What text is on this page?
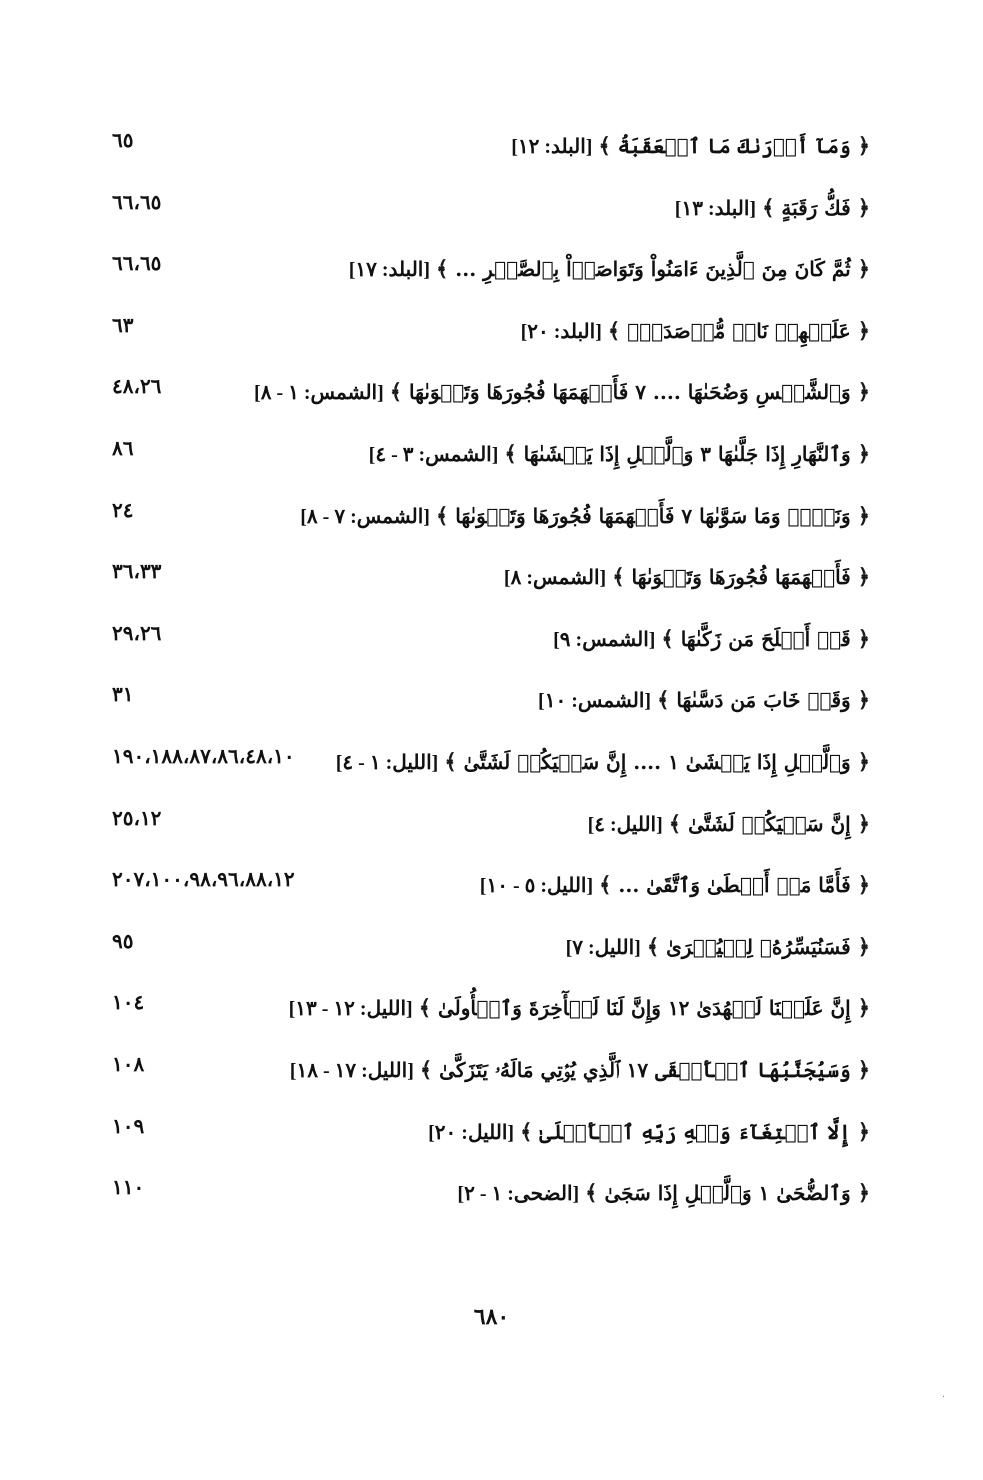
﴿ وَمَآ أَدۡرَىٰكَ مَا ٱلۡعَقَبَةُ ﴾[البلد: ١٢]
٦٥
﴿ فَكُّ رَقَبَةٍ ﴾[البلد: ١٣]
٦٦،٦٥
﴿ ثُمَّ كَانَ مِنَ ٱلَّذِينَ ءَامَنُواْ وَتَوَاصَوۡاْ بِٱلصَّبۡرِ ... ﴾[البلد: ١٧]
٦٦،٦٥
﴿ عَلَيۡهِمۡ نَارٞ مُّؤۡصَدَةُۢ ﴾[البلد: ٢٠]
٦٣
﴿ وَٱلشَّمۡسِ وَضُحَىٰهَا .... ٧ فَأَلۡهَمَهَا فُجُورَهَا وَتَقۡوَىٰهَا ﴾[الشمس: ١ - ٨]
٤٨،٢٦
﴿ وَٱلنَّهَارِ إِذَا جَلَّىٰهَا ٣ وَٱلَّيۡلِ إِذَا يَغۡشَىٰهَا ﴾[الشمس: ٣ - ٤]
٨٦
﴿ وَنَفۡسٖ وَمَا سَوَّىٰهَا ٧ فَأَلۡهَمَهَا فُجُورَهَا وَتَقۡوَىٰهَا ﴾[الشمس: ٧ - ٨]
٢٤
﴿ فَأَلۡهَمَهَا فُجُورَهَا وَتَقۡوَىٰهَا ﴾[الشمس: ٨]
٣٦،٣٣
﴿ قَدۡ أَفۡلَحَ مَن زَكَّىٰهَا ﴾[الشمس: ٩]
٢٩،٢٦
﴿ وَقَدۡ خَابَ مَن دَسَّىٰهَا ﴾[الشمس: ١٠]
٣١
﴿ وَٱلَّيۡلِ إِذَا يَغۡشَىٰ ١ .... إِنَّ سَعۡيَكُمۡ لَشَتَّىٰ ﴾[الليل: ١ - ٤]
١٩٠،١٨٨،٨٧،٨٦،٤٨،١٠
﴿ إِنَّ سَعۡيَكُمۡ لَشَتَّىٰ ﴾[الليل: ٤]
٢٥،١٢
﴿ فَأَمَّا مَنۡ أَعۡطَىٰ وَٱتَّقَىٰ ... ﴾[الليل: ٥ - ١٠]
٢٠٧،١٠٠،٩٨،٩٦،٨٨،١٢
﴿ فَسَنُيَسِّرُهُۥ لِلۡيُسۡرَىٰ ﴾[الليل: ٧]
٩٥
﴿ إِنَّ عَلَيۡنَا لَلۡهُدَىٰ ١٢ وَإِنَّ لَنَا لَلۡأٓخِرَةَ وَٱلۡأُولَىٰ ﴾[الليل: ١٢ - ١٣]
١٠٤
﴿ وَسَيُجَنَّبُهَا ٱلۡأَتۡقَى ١٧ ٱلَّذِي يُؤۡتِي مَالَهُۥ يَتَزَكَّىٰ ﴾[الليل: ١٧ - ١٨]
١٠٨
﴿ إِلَّا ٱبۡتِغَآءَ وَجۡهِ رَبِّهِ ٱلۡأَعۡلَىٰ ﴾[الليل: ٢٠]
١٠٩
﴿ وَٱلضُّحَىٰ ١ وَٱلَّيۡلِ إِذَا سَجَىٰ ﴾[الضحى: ١ - ٢]
١١٠
٦٨٠
·
